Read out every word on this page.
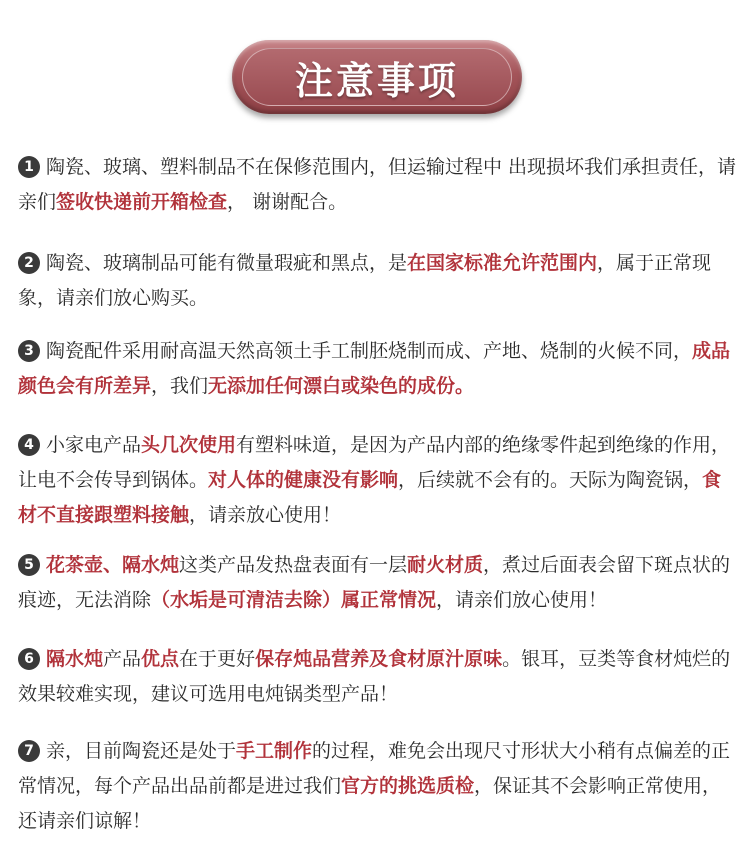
注意事项

1 陶瓷、玻璃、塑料制品不在保修范围内，但运输过程中 出现损坏我们承担责任，请亲们签收快递前开箱检查， 谢谢配合。

2 陶瓷、玻璃制品可能有微量瑕疵和黑点，是在国家标准允许范围内，属于正常现象，请亲们放心购买。

3 陶瓷配件采用耐高温天然高领土手工制胚烧制而成、产地、烧制的火候不同，成品颜色会有所差异，我们无添加任何漂白或染色的成份。

4 小家电产品头几次使用有塑料味道，是因为产品内部的绝缘零件起到绝缘的作用，让电不会传导到锅体。对人体的健康没有影响，后续就不会有的。天际为陶瓷锅，食材不直接跟塑料接触，请亲放心使用！

5 花茶壶、隔水炖这类产品发热盘表面有一层耐火材质，煮过后面表会留下斑点状的痕迹，无法消除（水垢是可清洁去除）属正常情况，请亲们放心使用！

6 隔水炖产品优点在于更好保存炖品营养及食材原汁原味。银耳，豆类等食材炖烂的效果较难实现，建议可选用电炖锅类型产品！

7 亲，目前陶瓷还是处于手工制作的过程，难免会出现尺寸形状大小稍有点偏差的正常情况，每个产品出品前都是进过我们官方的挑选质检，保证其不会影响正常使用，还请亲们谅解！
